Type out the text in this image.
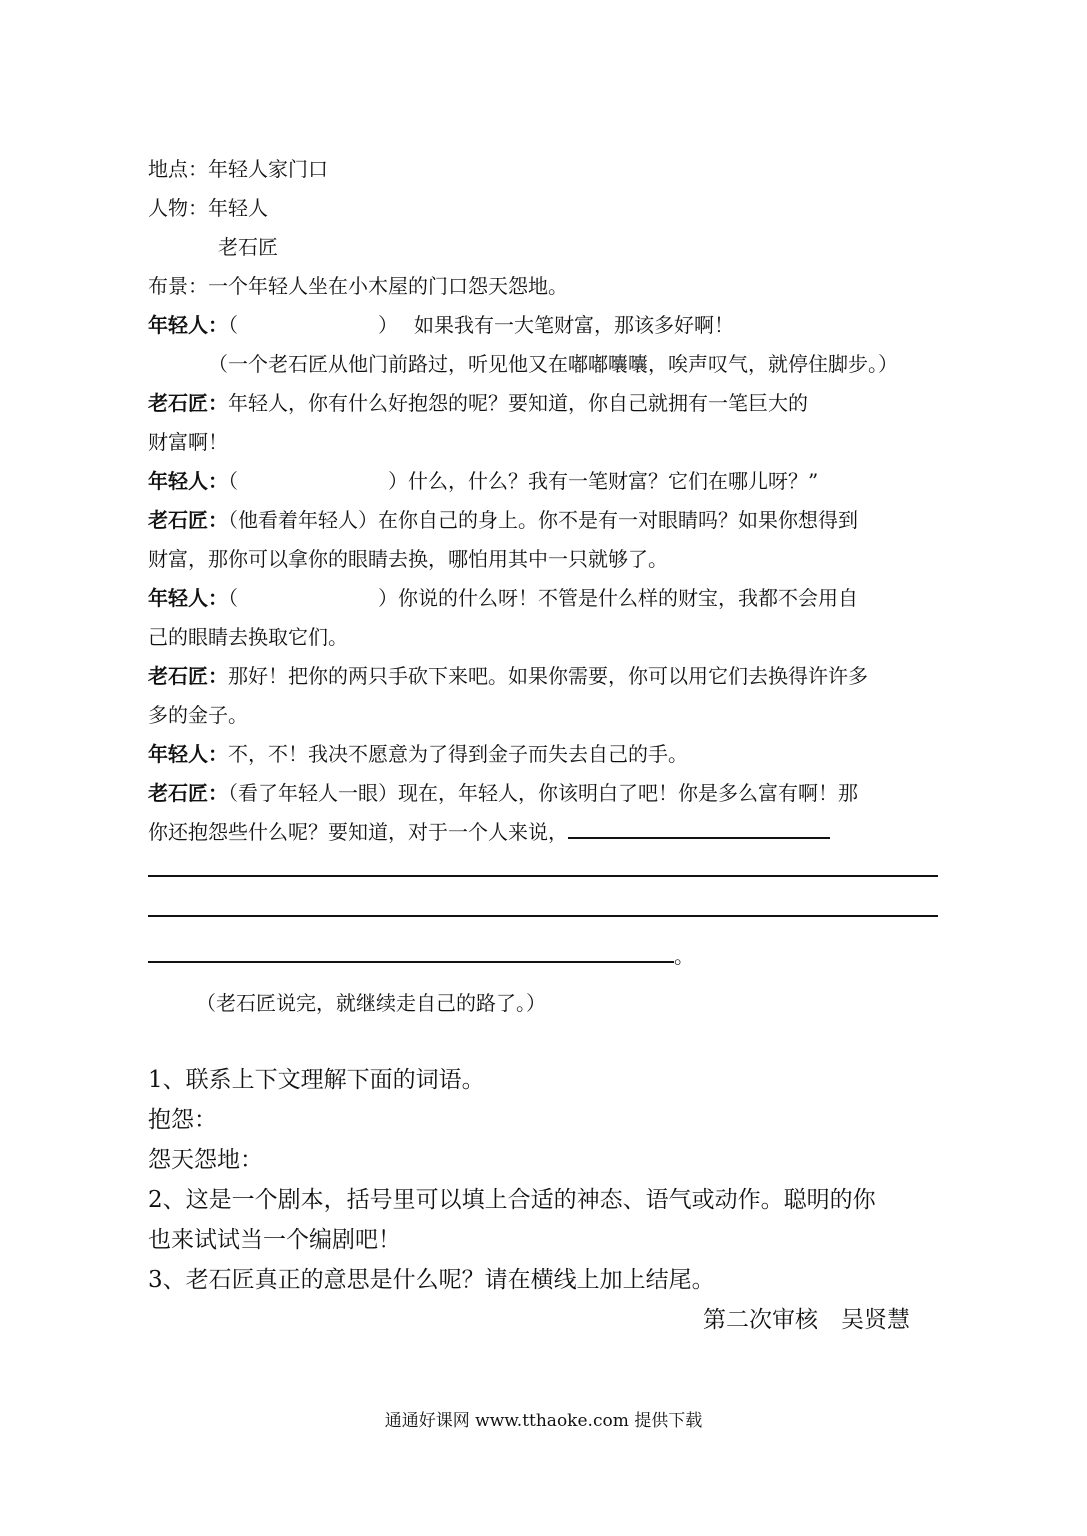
地点：年轻人家门口
人物：年轻人
老石匠
布景：一个年轻人坐在小木屋的门口怨天怨地。
年轻人：（	） 如果我有一大笔财富，那该多好啊！
（一个老石匠从他门前路过，听见他又在嘟嘟囔囔，唉声叹气，就停住脚步。）
老石匠：年轻人，你有什么好抱怨的呢？要知道，你自己就拥有一笔巨大的
财富啊！
年轻人：（	）什么，什么？我有一笔财富？它们在哪儿呀？”
老石匠：（他看着年轻人）在你自己的身上。你不是有一对眼睛吗？如果你想得到
财富，那你可以拿你的眼睛去换，哪怕用其中一只就够了。
年轻人：（	）你说的什么呀！不管是什么样的财宝，我都不会用自
己的眼睛去换取它们。
老石匠：那好！把你的两只手砍下来吧。如果你需要，你可以用它们去换得许许多
多的金子。
年轻人：不，不！我决不愿意为了得到金子而失去自己的手。
老石匠：（看了年轻人一眼）现在，年轻人，你该明白了吧！你是多么富有啊！那
你还抱怨些什么呢？要知道，对于一个人来说，
。
（老石匠说完，就继续走自己的路了。）
1、联系上下文理解下面的词语。
抱怨：
怨天怨地：
2、这是一个剧本，括号里可以填上合适的神态、语气或动作。聪明的你
也来试试当一个编剧吧！
3、老石匠真正的意思是什么呢？请在横线上加上结尾。
第二次审核　吴贤慧
通通好课网 www.tthaoke.com 提供下载
